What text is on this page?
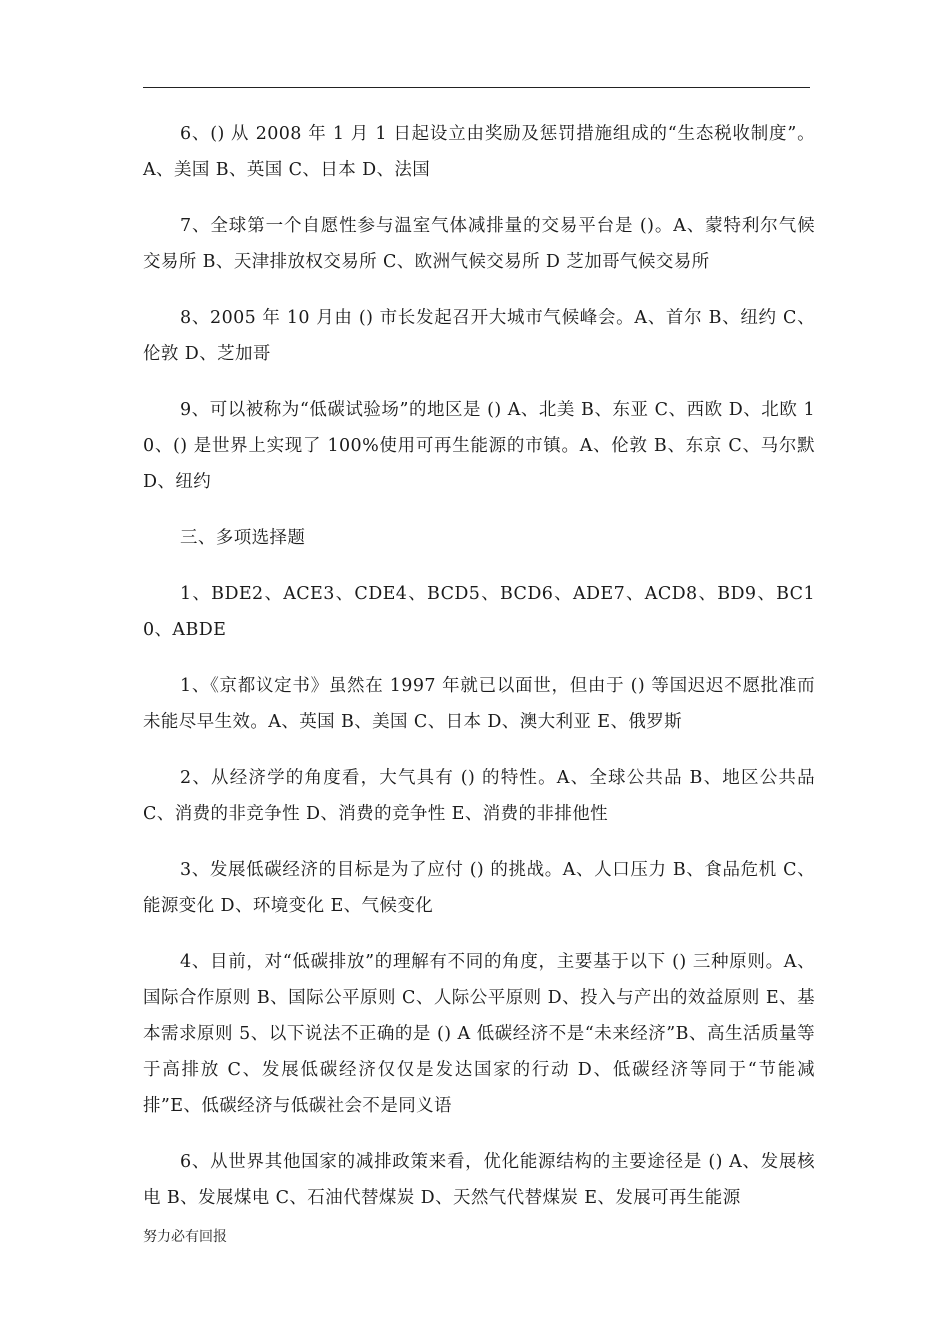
6、() 从 2008 年 1 月 1 日起设立由奖励及惩罚措施组成的“生态税收制度”。A、美国 B、英国 C、日本 D、法国

7、全球第一个自愿性参与温室气体减排量的交易平台是 ()。A、蒙特利尔气候交易所 B、天津排放权交易所 C、欧洲气候交易所 D 芝加哥气候交易所

8、2005 年 10 月由 () 市长发起召开大城市气候峰会。A、首尔 B、纽约 C、伦敦 D、芝加哥

9、可以被称为“低碳试验场”的地区是 () A、北美 B、东亚 C、西欧 D、北欧 10、() 是世界上实现了 100%使用可再生能源的市镇。A、伦敦 B、东京 C、马尔默 D、纽约

三、多项选择题

1、BDE2、ACE3、CDE4、BCD5、BCD6、ADE7、ACD8、BD9、BC10、ABDE

1、《京都议定书》虽然在 1997 年就已以面世，但由于 () 等国迟迟不愿批准而未能尽早生效。A、英国 B、美国 C、日本 D、澳大利亚 E、俄罗斯

2、从经济学的角度看，大气具有 () 的特性。A、全球公共品 B、地区公共品 C、消费的非竞争性 D、消费的竞争性 E、消费的非排他性

3、发展低碳经济的目标是为了应付 () 的挑战。A、人口压力 B、食品危机 C、能源变化 D、环境变化 E、气候变化

4、目前，对“低碳排放”的理解有不同的角度，主要基于以下 () 三种原则。A、国际合作原则 B、国际公平原则 C、人际公平原则 D、投入与产出的效益原则 E、基本需求原则 5、以下说法不正确的是 () A 低碳经济不是“未来经济”B、高生活质量等于高排放 C、发展低碳经济仅仅是发达国家的行动 D、低碳经济等同于“节能减排”E、低碳经济与低碳社会不是同义语

6、从世界其他国家的减排政策来看，优化能源结构的主要途径是 () A、发展核电 B、发展煤电 C、石油代替煤炭 D、天然气代替煤炭 E、发展可再生能源

努力必有回报
